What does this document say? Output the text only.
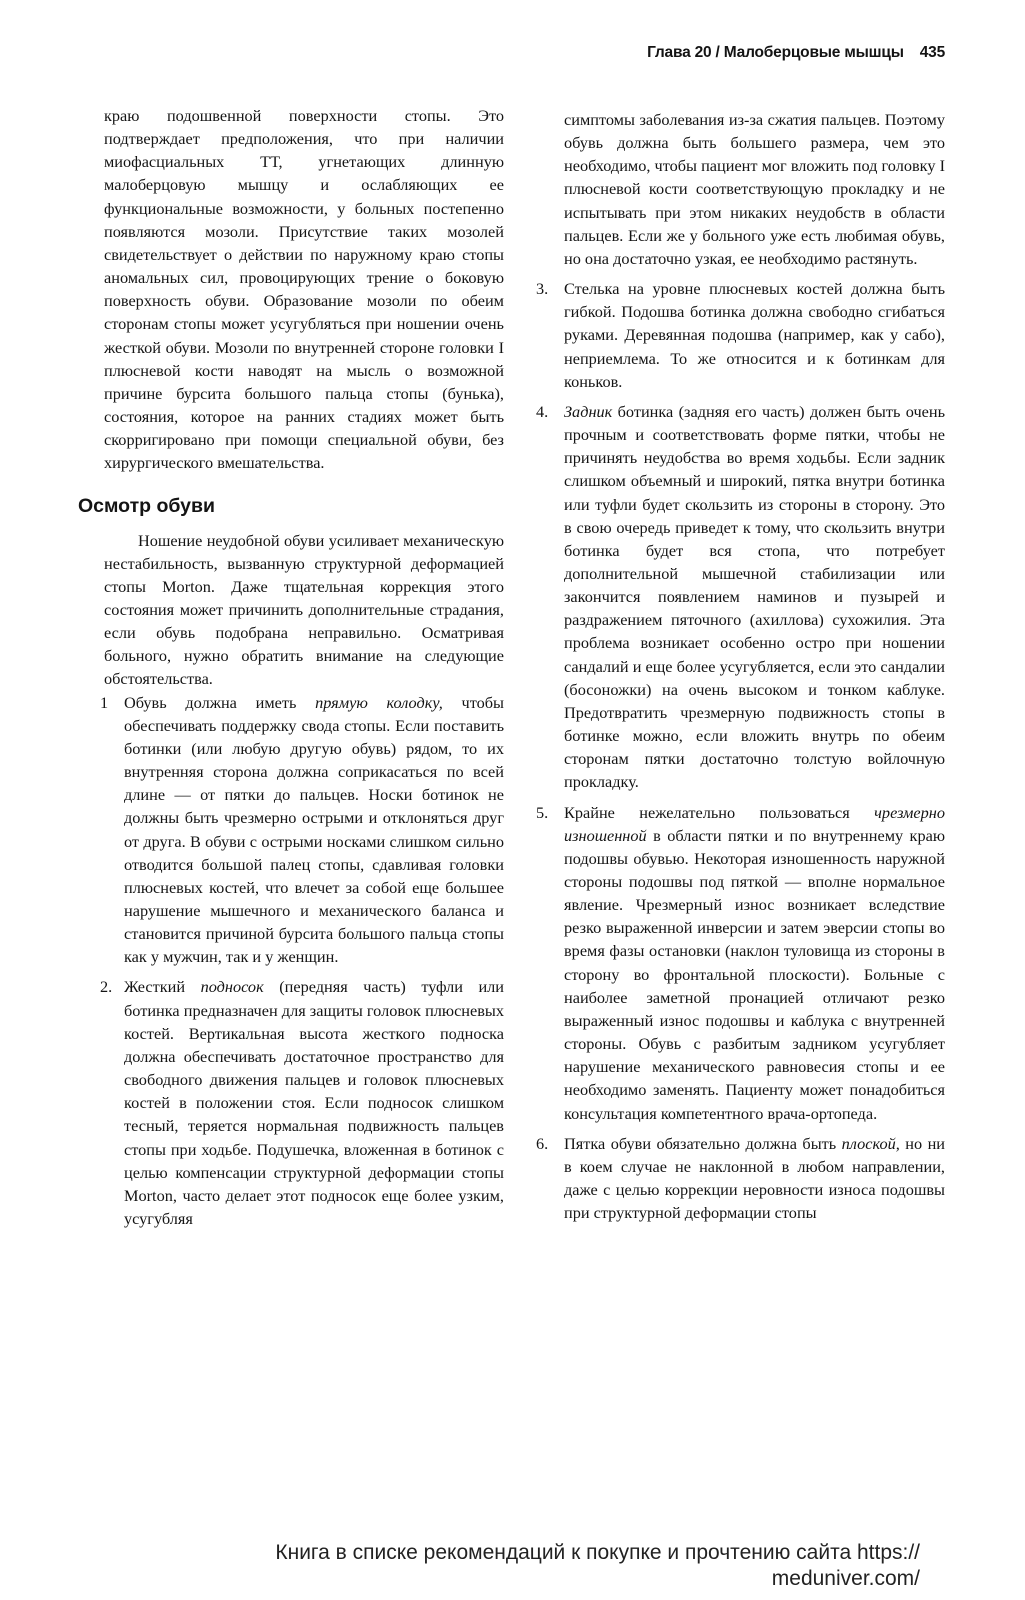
Глава 20 / Малоберцовые мышцы 435

краю подошвенной поверхности стопы. Это подтверждает предположения, что при наличии миофасциальных ТТ, угнетающих длинную малоберцовую мышцу и ослабляющих ее функциональные возможности, у больных постепенно появляются мозоли. Присутствие таких мозолей свидетельствует о действии по наружному краю стопы аномальных сил, провоцирующих трение о боковую поверхность обуви. Образование мозоли по обеим сторонам стопы может усугубляться при ношении очень жесткой обуви. Мозоли по внутренней стороне головки I плюсневой кости наводят на мысль о возможной причине бурсита большого пальца стопы (бунька), состояния, которое на ранних стадиях может быть скорригировано при помощи специальной обуви, без хирургического вмешательства.

Осмотр обуви

Ношение неудобной обуви усиливает механическую нестабильность, вызванную структурной деформацией стопы Morton. Даже тщательная коррекция этого состояния может причинить дополнительные страдания, если обувь подобрана неправильно. Осматривая больного, нужно обратить внимание на следующие обстоятельства.

1 Обувь должна иметь прямую колодку, чтобы обеспечивать поддержку свода стопы. Если поставить ботинки (или любую другую обувь) рядом, то их внутренняя сторона должна соприкасаться по всей длине — от пятки до пальцев. Носки ботинок не должны быть чрезмерно острыми и отклоняться друг от друга. В обуви с острыми носками слишком сильно отводится большой палец стопы, сдавливая головки плюсневых костей, что влечет за собой еще большее нарушение мышечного и механического баланса и становится причиной бурсита большого пальца стопы как у мужчин, так и у женщин.
2. Жесткий подносок (передняя часть) туфли или ботинка предназначен для защиты головок плюсневых костей. Вертикальная высота жесткого подноска должна обеспечивать достаточное пространство для свободного движения пальцев и головок плюсневых костей в положении стоя. Если подносок слишком тесный, теряется нормальная подвижность пальцев стопы при ходьбе. Подушечка, вложенная в ботинок с целью компенсации структурной деформации стопы Morton, часто делает этот подносок еще более узким, усугубляя
симптомы заболевания из-за сжатия пальцев. Поэтому обувь должна быть большего размера, чем это необходимо, чтобы пациент мог вложить под головку I плюсневой кости соответствующую прокладку и не испытывать при этом никаких неудобств в области пальцев. Если же у больного уже есть любимая обувь, но она достаточно узкая, ее необходимо растянуть.
3. Стелька на уровне плюсневых костей должна быть гибкой. Подошва ботинка должна свободно сгибаться руками. Деревянная подошва (например, как у сабо), неприемлема. То же относится и к ботинкам для коньков.
4. Задник ботинка (задняя его часть) должен быть очень прочным и соответствовать форме пятки, чтобы не причинять неудобства во время ходьбы. Если задник слишком объемный и широкий, пятка внутри ботинка или туфли будет скользить из стороны в сторону. Это в свою очередь приведет к тому, что скользить внутри ботинка будет вся стопа, что потребует дополнительной мышечной стабилизации или закончится появлением наминов и пузырей и раздражением пяточного (ахиллова) сухожилия. Эта проблема возникает особенно остро при ношении сандалий и еще более усугубляется, если это сандалии (босоножки) на очень высоком и тонком каблуке. Предотвратить чрезмерную подвижность стопы в ботинке можно, если вложить внутрь по обеим сторонам пятки достаточно толстую войлочную прокладку.
5. Крайне нежелательно пользоваться чрезмерно изношенной в области пятки и по внутреннему краю подошвы обувью. Некоторая изношенность наружной стороны подошвы под пяткой — вполне нормальное явление. Чрезмерный износ возникает вследствие резко выраженной инверсии и затем эверсии стопы во время фазы остановки (наклон туловища из стороны в сторону во фронтальной плоскости). Больные с наиболее заметной пронацией отличают резко выраженный износ подошвы и каблука с внутренней стороны. Обувь с разбитым задником усугубляет нарушение механического равновесия стопы и ее необходимо заменять. Пациенту может понадобиться консультация компетентного врача-ортопеда.
6. Пятка обуви обязательно должна быть плоской, но ни в коем случае не наклонной в любом направлении, даже с целью коррекции неровности износа подошвы при структурной деформации стопы
Книга в списке рекомендаций к покупке и прочтению сайта https://
meduniver.com/
